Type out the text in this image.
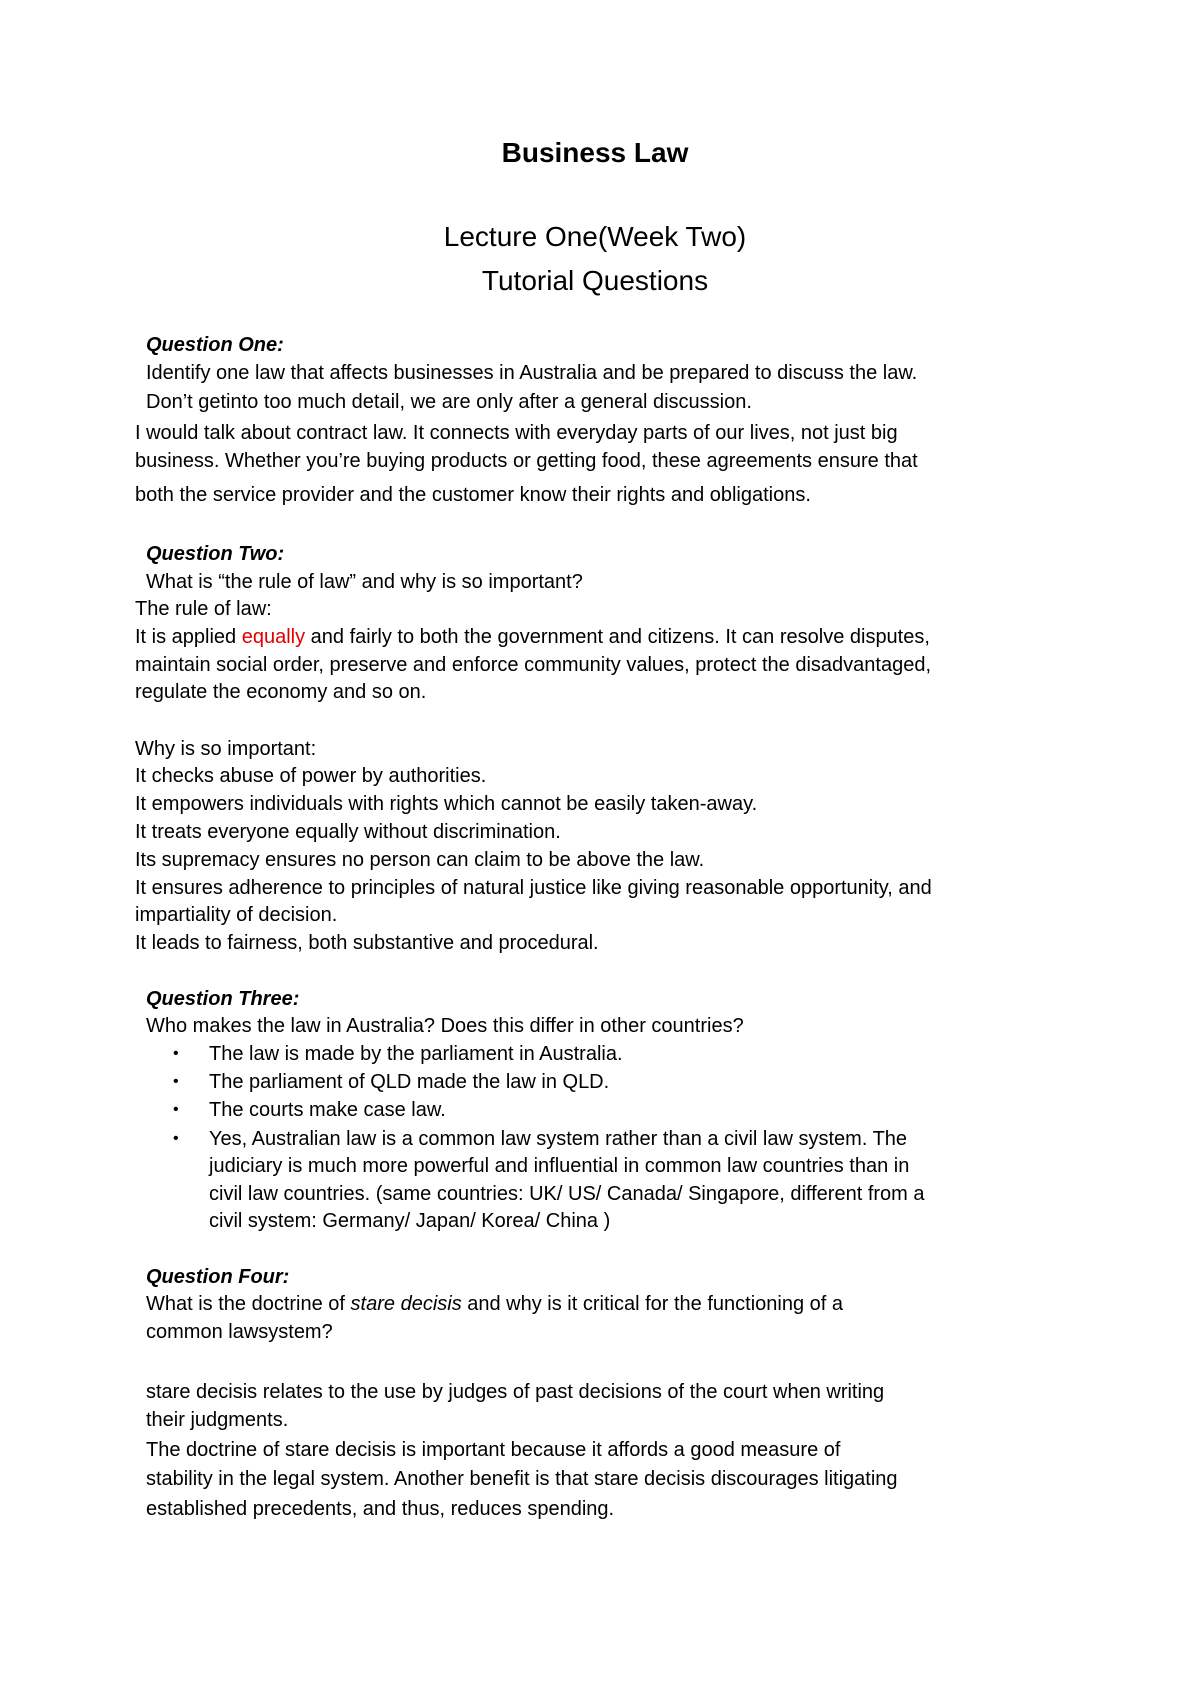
Business Law
Lecture One(Week Two)
Tutorial Questions
Question One:
Identify one law that affects businesses in Australia and be prepared to discuss the law.
Don’t getinto too much detail, we are only after a general discussion.
I would talk about contract law. It connects with everyday parts of our lives, not just big
business. Whether you’re buying products or getting food, these agreements ensure that
both the service provider and the customer know their rights and obligations.
Question Two:
What is “the rule of law” and why is so important?
The rule of law:
It is applied equally and fairly to both the government and citizens. It can resolve disputes,
maintain social order, preserve and enforce community values, protect the disadvantaged,
regulate the economy and so on.
Why is so important:
It checks abuse of power by authorities.
It empowers individuals with rights which cannot be easily taken-away.
It treats everyone equally without discrimination.
Its supremacy ensures no person can claim to be above the law.
It ensures adherence to principles of natural justice like giving reasonable opportunity, and
impartiality of decision.
It leads to fairness, both substantive and procedural.
Question Three:
Who makes the law in Australia? Does this differ in other countries?
• The law is made by the parliament in Australia.
• The parliament of QLD made the law in QLD.
• The courts make case law.
• Yes, Australian law is a common law system rather than a civil law system. The
judiciary is much more powerful and influential in common law countries than in
civil law countries. (same countries: UK/ US/ Canada/ Singapore, different from a
civil system: Germany/ Japan/ Korea/ China )
Question Four:
What is the doctrine of stare decisis and why is it critical for the functioning of a
common lawsystem?
stare decisis relates to the use by judges of past decisions of the court when writing
their judgments.
The doctrine of stare decisis is important because it affords a good measure of
stability in the legal system. Another benefit is that stare decisis discourages litigating
established precedents, and thus, reduces spending.
